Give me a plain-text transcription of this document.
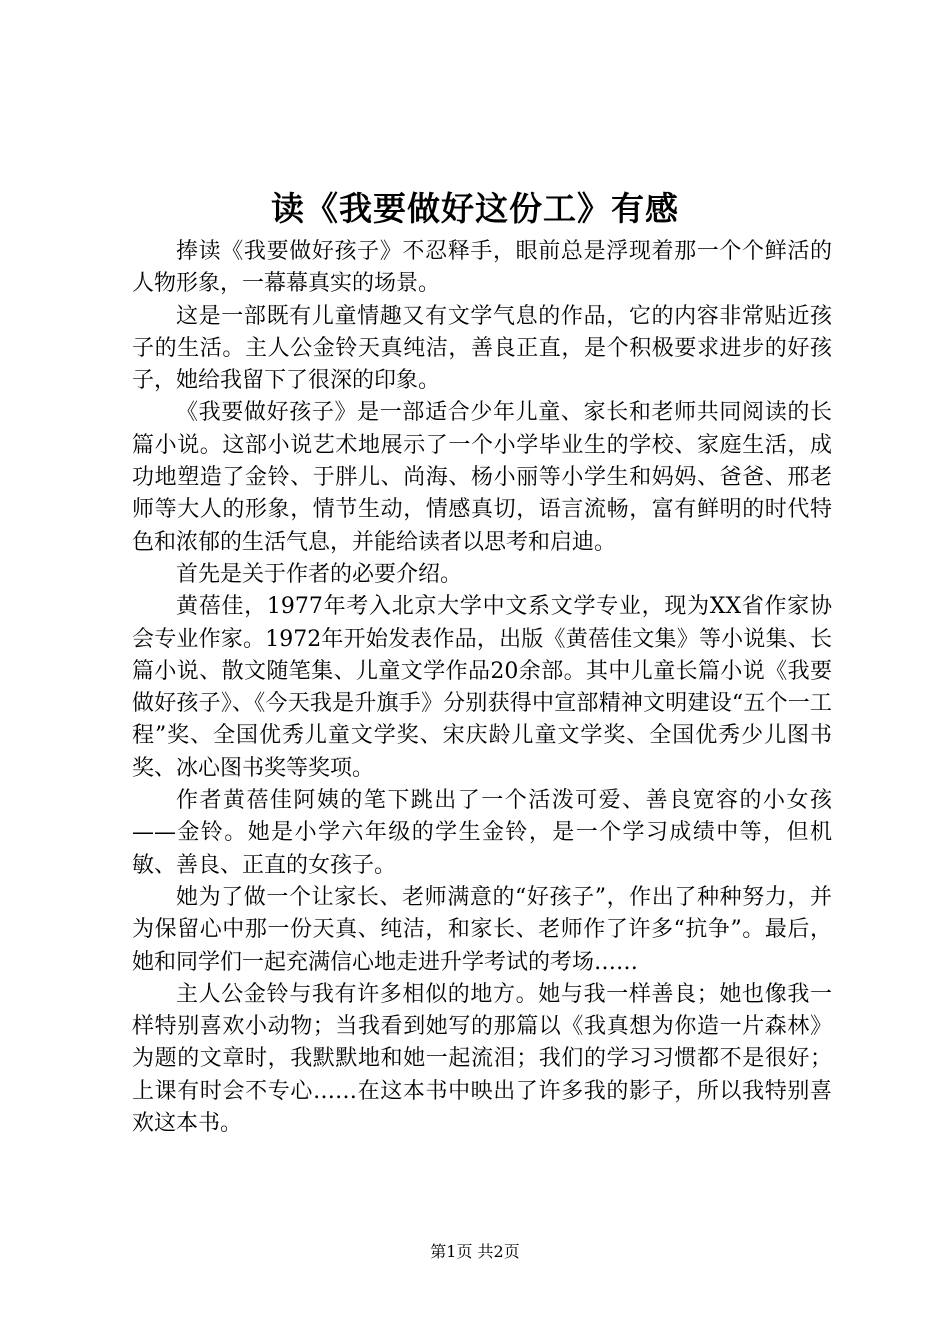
读《我要做好这份工》有感

捧读《我要做好孩子》不忍释手，眼前总是浮现着那一个个鲜活的人物形象，一幕幕真实的场景。

这是一部既有儿童情趣又有文学气息的作品，它的内容非常贴近孩子的生活。主人公金铃天真纯洁，善良正直，是个积极要求进步的好孩子，她给我留下了很深的印象。

《我要做好孩子》是一部适合少年儿童、家长和老师共同阅读的长篇小说。这部小说艺术地展示了一个小学毕业生的学校、家庭生活，成功地塑造了金铃、于胖儿、尚海、杨小丽等小学生和妈妈、爸爸、邢老师等大人的形象，情节生动，情感真切，语言流畅，富有鲜明的时代特色和浓郁的生活气息，并能给读者以思考和启迪。

首先是关于作者的必要介绍。

黄蓓佳，1977年考入北京大学中文系文学专业，现为XX省作家协会专业作家。1972年开始发表作品，出版《黄蓓佳文集》等小说集、长篇小说、散文随笔集、儿童文学作品20余部。其中儿童长篇小说《我要做好孩子》、《今天我是升旗手》分别获得中宣部精神文明建设“五个一工程”奖、全国优秀儿童文学奖、宋庆龄儿童文学奖、全国优秀少儿图书奖、冰心图书奖等奖项。

作者黄蓓佳阿姨的笔下跳出了一个活泼可爱、善良宽容的小女孩——金铃。她是小学六年级的学生金铃，是一个学习成绩中等，但机敏、善良、正直的女孩子。

她为了做一个让家长、老师满意的“好孩子”，作出了种种努力，并为保留心中那一份天真、纯洁，和家长、老师作了许多“抗争”。最后，她和同学们一起充满信心地走进升学考试的考场……

主人公金铃与我有许多相似的地方。她与我一样善良；她也像我一样特别喜欢小动物；当我看到她写的那篇以《我真想为你造一片森林》为题的文章时，我默默地和她一起流泪；我们的学习习惯都不是很好；上课有时会不专心……在这本书中映出了许多我的影子，所以我特别喜欢这本书。

第1页 共2页
